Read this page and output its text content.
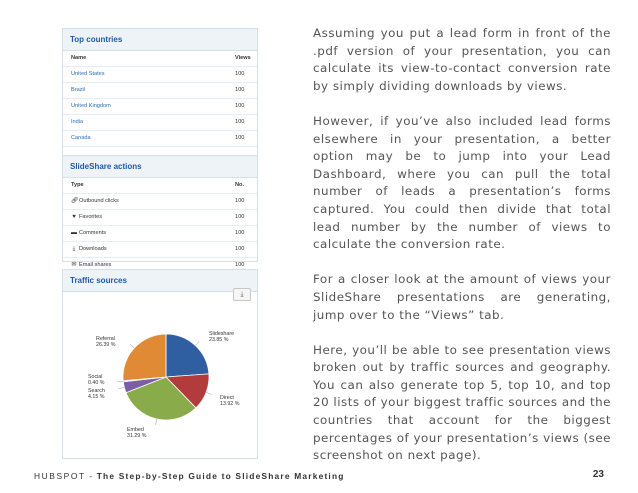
Top countries
Name	Views
United States	100
Brazil	100
United Kingdom	100
India	100
Canada	100
SlideShare actions
Type	No.
🔗︎Outbound clicks	100
♥ Favorites	100
▬ Comments	100
⤓ Downloads	100
✉ Email shares	100
Traffic sources
⤓
Slideshare
23.85 %
Direct
13.92 %
Embed
31.29 %
Search
4.15 %
Social
0.40 %
Referral
26.39 %

Assuming you put a lead form in front of the .pdf version of your presentation, you can calculate its view-to-contact conversion rate by simply dividing downloads by views.

However, if you’ve also included lead forms elsewhere in your presentation, a better option may be to jump into your Lead Dashboard, where you can pull the total number of leads a presentation’s forms captured. You could then divide that total lead number by the number of views to calculate the conversion rate.

For a closer look at the amount of views your SlideShare presentations are generating, jump over to the “Views” tab.

Here, you’ll be able to see presentation views broken out by traffic sources and geography. You can also generate top 5, top 10, and top 20 lists of your biggest traffic sources and the countries that account for the biggest percentages of your presentation’s views (see screenshot on next page).

HUBSPOT - The Step-by-Step Guide to SlideShare Marketing	23
